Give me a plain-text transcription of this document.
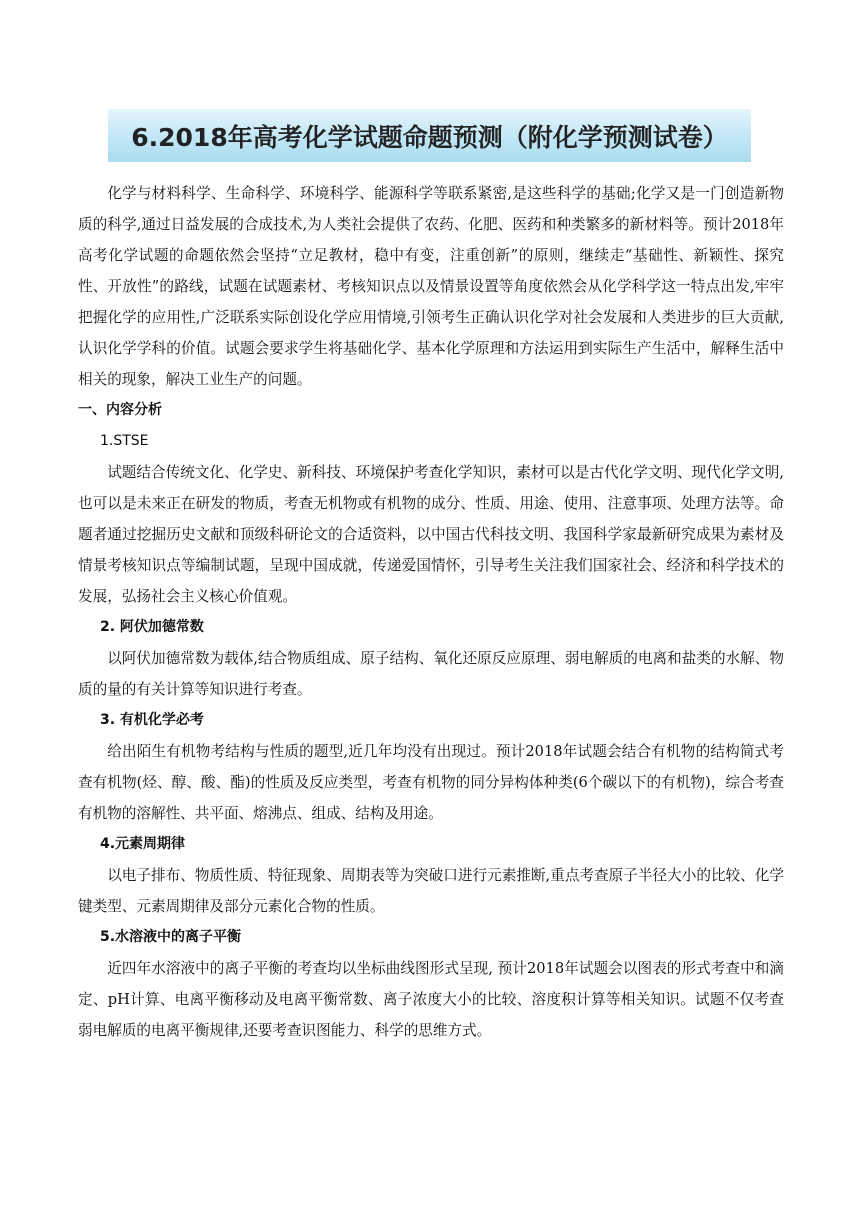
6.2018年高考化学试题命题预测（附化学预测试卷）

化学与材料科学、生命科学、环境科学、能源科学等联系紧密,是这些科学的基础;化学又是一门创造新物质的科学,通过日益发展的合成技术,为人类社会提供了农药、化肥、医药和种类繁多的新材料等。预计2018年高考化学试题的命题依然会坚持“立足教材，稳中有变，注重创新”的原则，继续走“基础性、新颖性、探究性、开放性”的路线，试题在试题素材、考核知识点以及情景设置等角度依然会从化学科学这一特点出发,牢牢把握化学的应用性,广泛联系实际创设化学应用情境,引领考生正确认识化学对社会发展和人类进步的巨大贡献,认识化学学科的价值。试题会要求学生将基础化学、基本化学原理和方法运用到实际生产生活中，解释生活中相关的现象，解决工业生产的问题。

一、内容分析

1.STSE

试题结合传统文化、化学史、新科技、环境保护考查化学知识，素材可以是古代化学文明、现代化学文明,也可以是未来正在研发的物质，考查无机物或有机物的成分、性质、用途、使用、注意事项、处理方法等。命题者通过挖掘历史文献和顶级科研论文的合适资料，以中国古代科技文明、我国科学家最新研究成果为素材及情景考核知识点等编制试题，呈现中国成就，传递爱国情怀，引导考生关注我们国家社会、经济和科学技术的发展，弘扬社会主义核心价值观。

2. 阿伏加德常数

以阿伏加德常数为载体,结合物质组成、原子结构、氧化还原反应原理、弱电解质的电离和盐类的水解、物质的量的有关计算等知识进行考查。

3. 有机化学必考

给出陌生有机物考结构与性质的题型,近几年均没有出现过。预计2018年试题会结合有机物的结构简式考查有机物(烃、醇、酸、酯)的性质及反应类型，考查有机物的同分异构体种类(6个碳以下的有机物)，综合考查有机物的溶解性、共平面、熔沸点、组成、结构及用途。

4.元素周期律

以电子排布、物质性质、特征现象、周期表等为突破口进行元素推断,重点考查原子半径大小的比较、化学键类型、元素周期律及部分元素化合物的性质。

5.水溶液中的离子平衡

近四年水溶液中的离子平衡的考查均以坐标曲线图形式呈现, 预计2018年试题会以图表的形式考查中和滴定、pH计算、电离平衡移动及电离平衡常数、离子浓度大小的比较、溶度积计算等相关知识。试题不仅考查弱电解质的电离平衡规律,还要考查识图能力、科学的思维方式。
